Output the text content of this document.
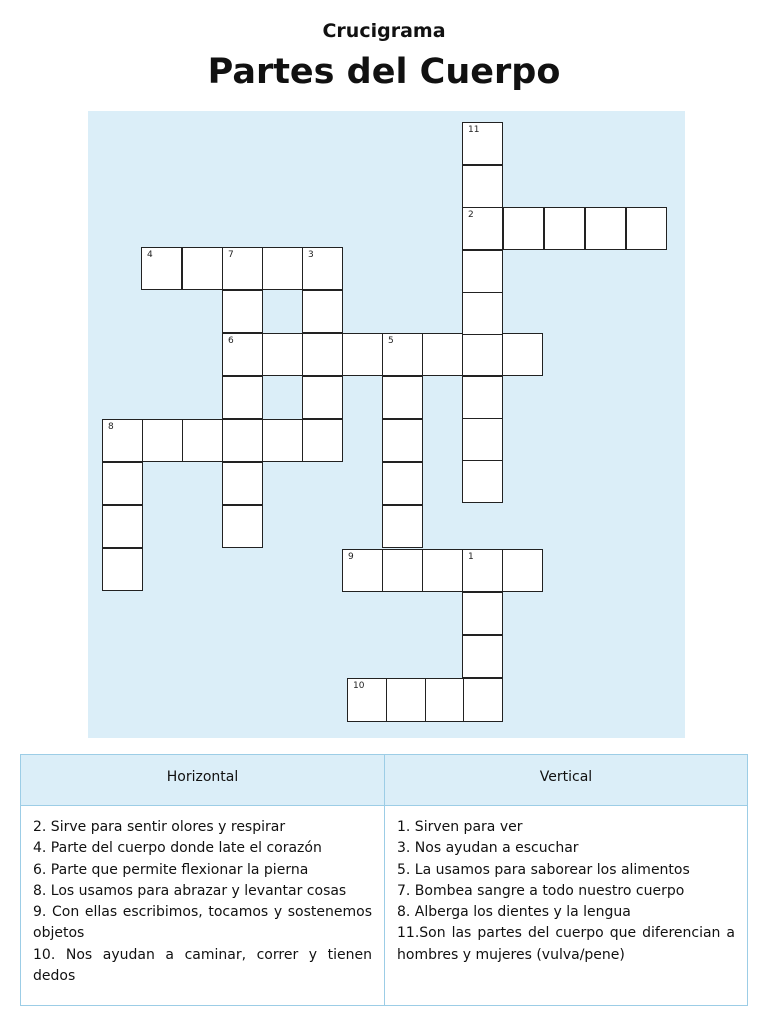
Crucigrama
Partes del Cuerpo
4	7	3
6	5
11
2
8
9	1
10
Horizontal	Vertical
2. Sirve para sentir olores y respirar
4. Parte del cuerpo donde late el corazón
6. Parte que permite flexionar la pierna
8. Los usamos para abrazar y levantar cosas
9. Con ellas escribimos, tocamos y sostenemos objetos
10. Nos ayudan a caminar, correr y tienen dedos
1. Sirven para ver
3. Nos ayudan a escuchar
5. La usamos para saborear los alimentos
7. Bombea sangre a todo nuestro cuerpo
8. Alberga los dientes y la lengua
11.Son las partes del cuerpo que diferencian a hombres y mujeres (vulva/pene)
